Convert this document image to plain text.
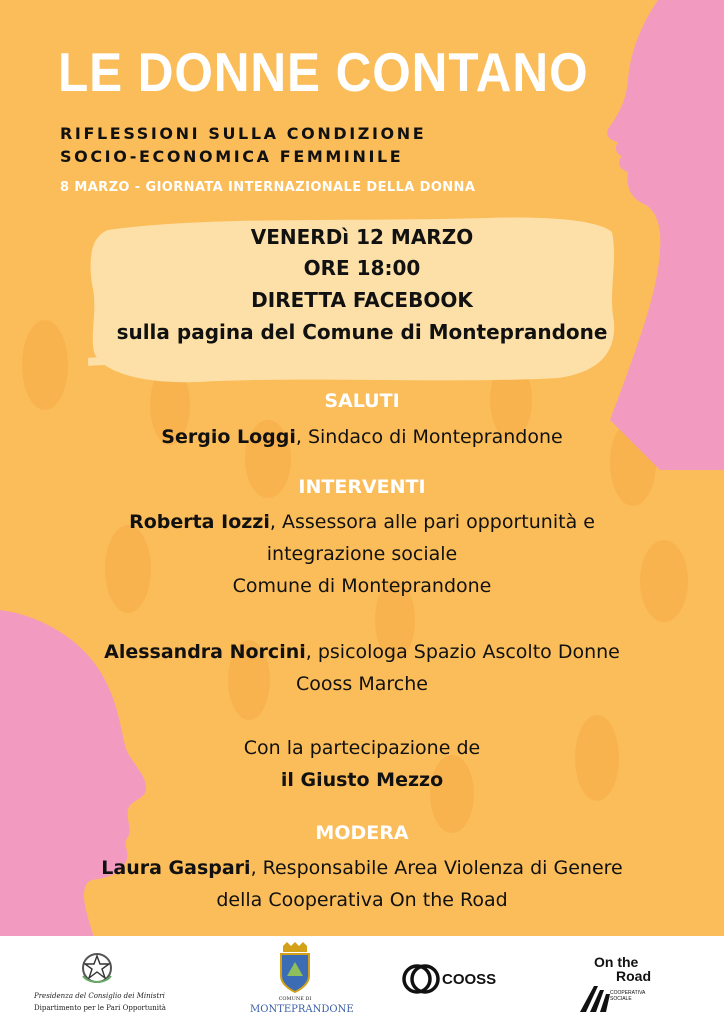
LE DONNE CONTANO
RIFLESSIONI SULLA CONDIZIONE
SOCIO-ECONOMICA FEMMINILE
8 MARZO - GIORNATA INTERNAZIONALE DELLA DONNA
VENERDì 12 MARZO
ORE 18:00
DIRETTA FACEBOOK
sulla pagina del Comune di Monteprandone
SALUTI
Sergio Loggi, Sindaco di Monteprandone
INTERVENTI
Roberta Iozzi, Assessora alle pari opportunità e
integrazione sociale
Comune di Monteprandone
Alessandra Norcini, psicologa Spazio Ascolto Donne
Cooss Marche
Con la partecipazione de
il Giusto Mezzo
MODERA
Laura Gaspari, Responsabile Area Violenza di Genere
della Cooperativa On the Road
Presidenza del Consiglio dei Ministri
Dipartimento per le Pari Opportunità
COMUNE DI
MONTEPRANDONE
COOSS
On the
Road
COOPERATIVA SOCIALE
